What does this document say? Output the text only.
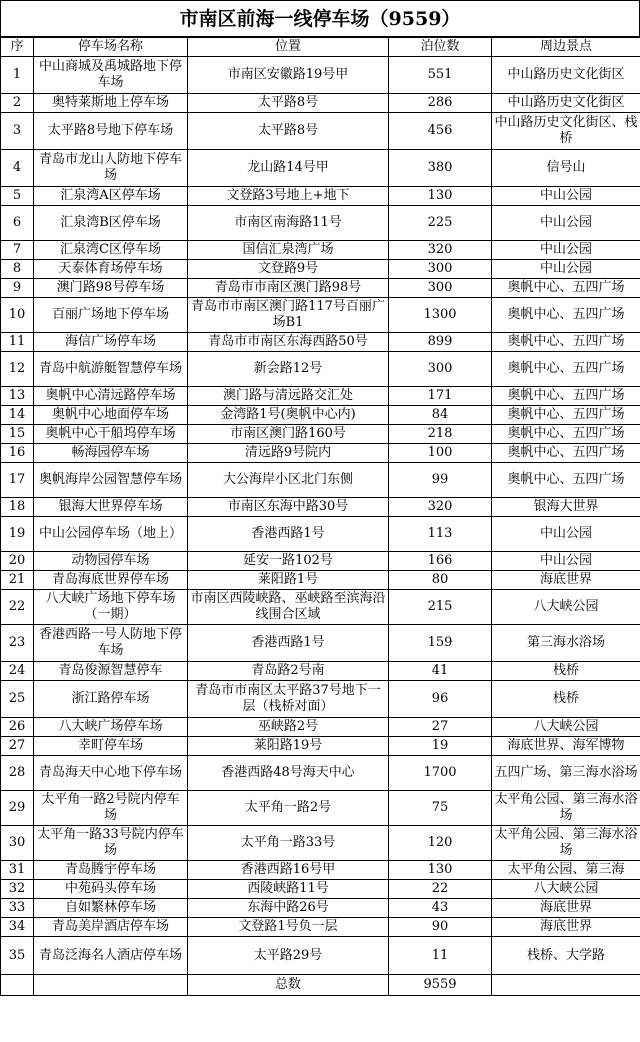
市南区前海一线停车场（9559）
序	停车场名称	位置	泊位数	周边景点
1	中山商城及禹城路地下停车场	市南区安徽路19号甲	551	中山路历史文化街区
2	奥特莱斯地上停车场	太平路8号	286	中山路历史文化街区
3	太平路8号地下停车场	太平路8号	456	中山路历史文化街区、栈桥
4	青岛市龙山人防地下停车场	龙山路14号甲	380	信号山
5	汇泉湾A区停车场	文登路3号地上+地下	130	中山公园
6	汇泉湾B区停车场	市南区南海路11号	225	中山公园
7	汇泉湾C区停车场	国信汇泉湾广场	320	中山公园
8	天泰体育场停车场	文登路9号	300	中山公园
9	澳门路98号停车场	青岛市市南区澳门路98号	300	奥帆中心、五四广场
10	百丽广场地下停车场	青岛市市南区澳门路117号百丽广场B1	1300	奥帆中心、五四广场
11	海信广场停车场	青岛市市南区东海西路50号	899	奥帆中心、五四广场
12	青岛中航游艇智慧停车场	新会路12号	300	奥帆中心、五四广场
13	奥帆中心清远路停车场	澳门路与清远路交汇处	171	奥帆中心、五四广场
14	奥帆中心地面停车场	金湾路1号(奥帆中心内)	84	奥帆中心、五四广场
15	奥帆中心干船坞停车场	市南区澳门路160号	218	奥帆中心、五四广场
16	畅海园停车场	清远路9号院内	100	奥帆中心、五四广场
17	奥帆海岸公园智慧停车场	大公海岸小区北门东侧	99	奥帆中心、五四广场
18	银海大世界停车场	市南区东海中路30号	320	银海大世界
19	中山公园停车场（地上）	香港西路1号	113	中山公园
20	动物园停车场	延安一路102号	166	中山公园
21	青岛海底世界停车场	莱阳路1号	80	海底世界
22	八大峡广场地下停车场（一期）	市南区西陵峡路、巫峡路至滨海沿线围合区域	215	八大峡公园
23	香港西路一号人防地下停车场	香港西路1号	159	第三海水浴场
24	青岛俊源智慧停车	青岛路2号南	41	栈桥
25	浙江路停车场	青岛市市南区太平路37号地下一层（栈桥对面）	96	栈桥
26	八大峡广场停车场	巫峡路2号	27	八大峡公园
27	幸町停车场	莱阳路19号	19	海底世界、海军博物
28	青岛海天中心地下停车场	香港西路48号海天中心	1700	五四广场、第三海水浴场
29	太平角一路2号院内停车场	太平角一路2号	75	太平角公园、第三海水浴场
30	太平角一路33号院内停车场	太平角一路33号	120	太平角公园、第三海水浴场
31	青岛腾宇停车场	香港西路16号甲	130	太平角公园、第三海
32	中苑码头停车场	西陵峡路11号	22	八大峡公园
33	自如繁林停车场	东海中路26号	43	海底世界
34	青岛美岸酒店停车场	文登路1号负一层	90	海底世界
35	青岛泛海名人酒店停车场	太平路29号	11	栈桥、大学路
		总数	9559	
